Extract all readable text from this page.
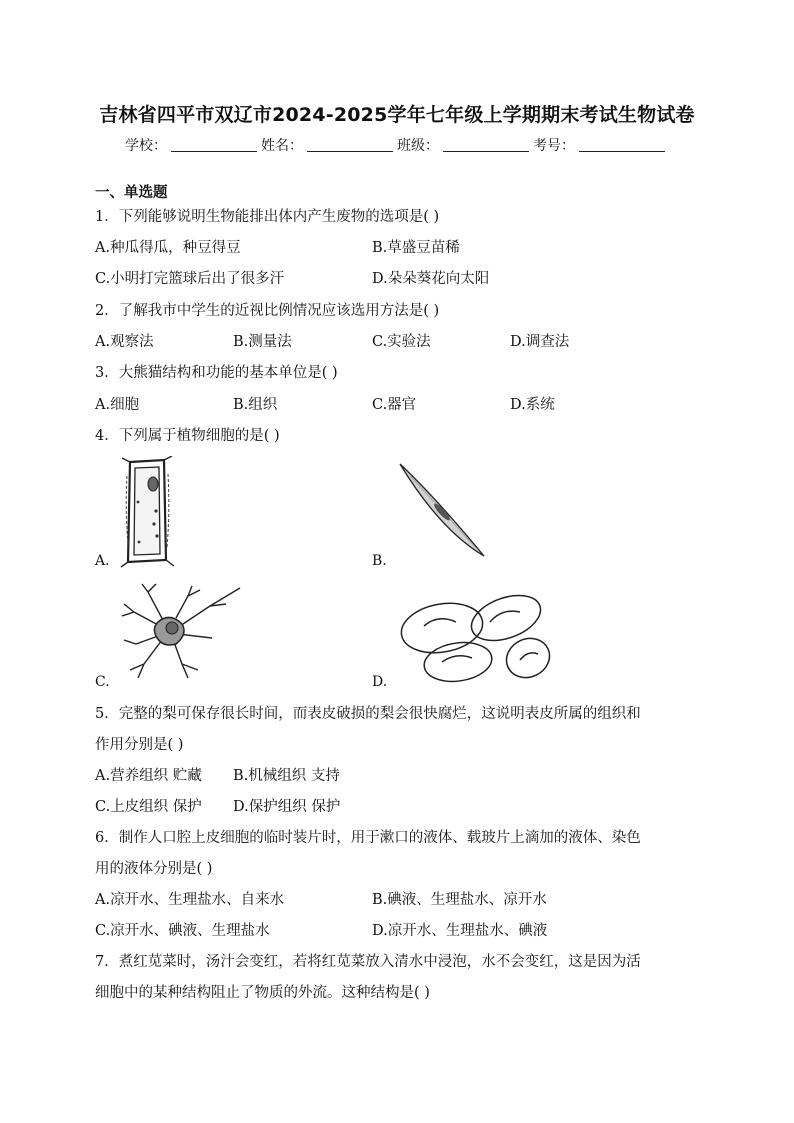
吉林省四平市双辽市2024-2025学年七年级上学期期末考试生物试卷
学校：	姓名：	班级：	考号：
一、单选题
1．下列能够说明生物能排出体内产生废物的选项是( )
A.种瓜得瓜，种豆得豆	B.草盛豆苗稀
C.小明打完篮球后出了很多汗	D.朵朵葵花向太阳
2．了解我市中学生的近视比例情况应该选用方法是( )
A.观察法	B.测量法	C.实验法	D.调查法
3．大熊猫结构和功能的基本单位是( )
A.细胞	B.组织	C.器官	D.系统
4．下列属于植物细胞的是( )
A.	B.
C.	D.
5．完整的梨可保存很长时间，而表皮破损的梨会很快腐烂，这说明表皮所属的组织和
作用分别是( )
A.营养组织 贮藏 B.机械组织 支持
C.上皮组织 保护 D.保护组织 保护
6．制作人口腔上皮细胞的临时装片时，用于漱口的液体、载玻片上滴加的液体、染色
用的液体分别是( )
A.凉开水、生理盐水、自来水	B.碘液、生理盐水、凉开水
C.凉开水、碘液、生理盐水	D.凉开水、生理盐水、碘液
7．煮红苋菜时，汤汁会变红，若将红苋菜放入清水中浸泡，水不会变红，这是因为活
细胞中的某种结构阻止了物质的外流。这种结构是( )
